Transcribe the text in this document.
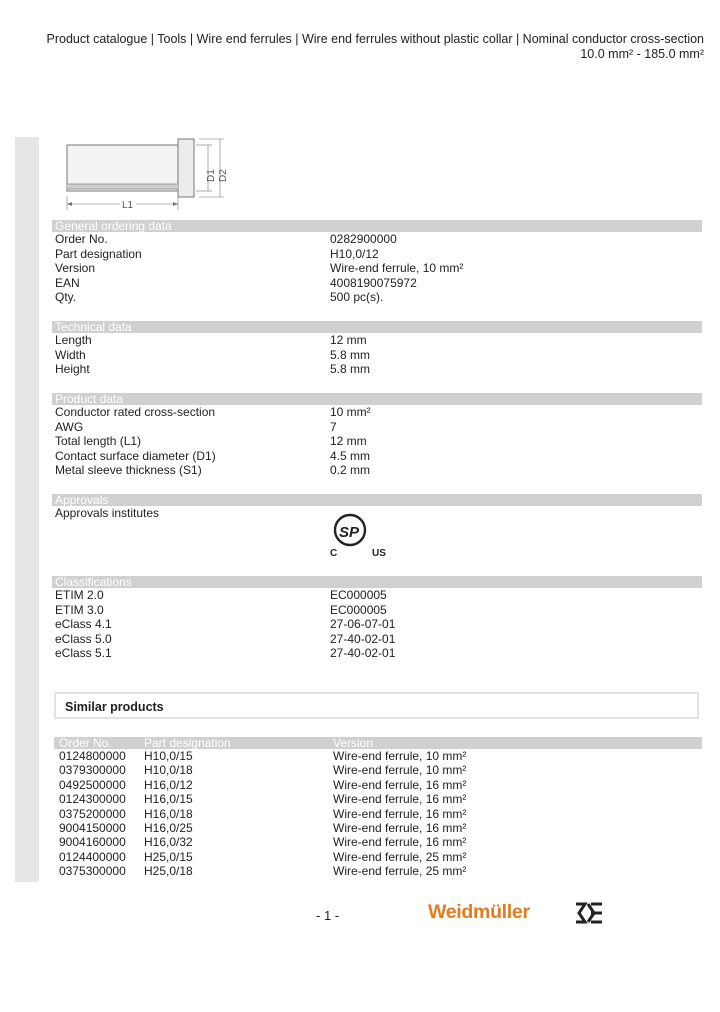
Product catalogue | Tools | Wire end ferrules | Wire end ferrules without plastic collar | Nominal conductor cross-section
10.0 mm² - 185.0 mm²
L1
D1 D2
General ordering data
Order No.	0282900000
Part designation	H10,0/12
Version	Wire-end ferrule, 10 mm²
EAN	4008190075972
Qty.	500 pc(s).
Technical data
Length	12 mm
Width	5.8 mm
Height	5.8 mm
Product data
Conductor rated cross-section	10 mm²
AWG	7
Total length (L1)	12 mm
Contact surface diameter (D1)	4.5 mm
Metal sleeve thickness (S1)	0.2 mm
Approvals
Approvals institutes
SP
C	US
Classifications
ETIM 2.0	EC000005
ETIM 3.0	EC000005
eClass 4.1	27-06-07-01
eClass 5.0	27-40-02-01
eClass 5.1	27-40-02-01
Similar products
Order No.	Part designation	Version
0124800000 H10,0/15	Wire-end ferrule, 10 mm²
0379300000 H10,0/18	Wire-end ferrule, 10 mm²
0492500000 H16,0/12	Wire-end ferrule, 16 mm²
0124300000 H16,0/15	Wire-end ferrule, 16 mm²
0375200000 H16,0/18	Wire-end ferrule, 16 mm²
9004150000 H16,0/25	Wire-end ferrule, 16 mm²
9004160000 H16,0/32	Wire-end ferrule, 16 mm²
0124400000 H25,0/15	Wire-end ferrule, 25 mm²
0375300000 H25,0/18	Wire-end ferrule, 25 mm²
- 1 -	Weidmüller
